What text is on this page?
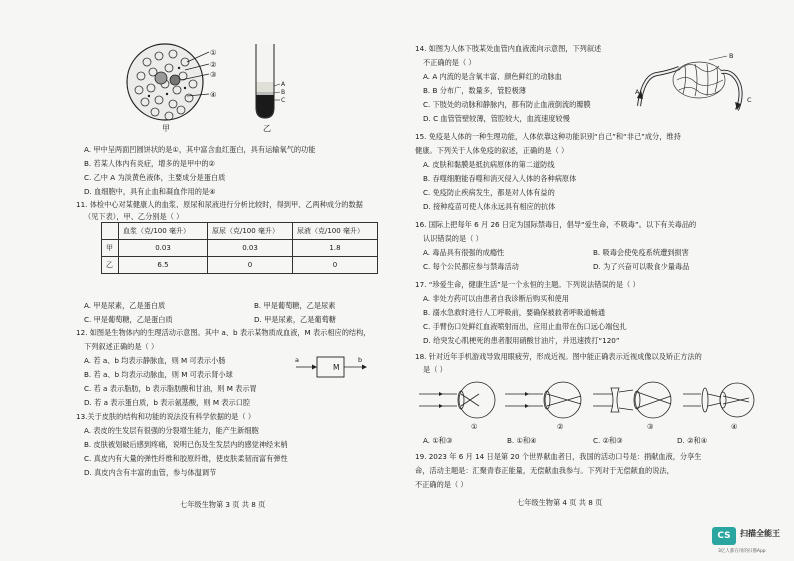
①
②
③
④
甲
A
B
C
乙
A. 甲中呈两面凹圆饼状的是①，其中富含血红蛋白，具有运输氧气的功能
B. 若某人体内有炎症，增多的是甲中的②
C. 乙中 A 为淡黄色液体，主要成分是蛋白质
D. 血细胞中，具有止血和凝血作用的是④
11. 体检中心对某健康人的血浆、原尿和尿液进行分析比较时，得到甲、乙两种成分的数据
（见下表），甲、乙分别是（ ）
	血浆（克/100 毫升）	原尿（克/100 毫升）	尿液（克/100 毫升）
甲	0.03	0.03	1.8
乙	6.5	0	0
A. 甲是尿素，乙是蛋白质	B. 甲是葡萄糖，乙是尿素
C. 甲是葡萄糖，乙是蛋白质	D. 甲是尿素，乙是葡萄糖
12. 如图是生物体内的生理活动示意图。其中 a、b 表示某物质成血液，M 表示相应的结构，
下列叙述正确的是（ ）
A. 若 a、b 均表示静脉血，则 M 可表示小肠
B. 若 a、b 均表示动脉血，则 M 可表示肾小球
C. 若 a 表示脂肪，b 表示脂肪酸和甘油，则 M 表示胃
D. 若 a 表示蛋白质，b 表示氨基酸，则 M 表示口腔
a
M
b
13.关于皮肤的结构和功能的说法没有科学依据的是（ ）
A. 表皮的生发层有很强的分裂增生能力，能产生新细胞
B. 皮肤被划破后感到疼痛，说明已伤及生发层内的感觉神经末梢
C. 真皮内有大量的弹性纤维和胶原纤维，使皮肤柔韧而富有弹性
D. 真皮内含有丰富的血管，参与体温调节
七年级生物第 3 页 共 8 页
14. 如图为人体下肢某处血管内血液流向示意图，下列叙述
不正确的是（ ）
A. A 内流的是含氧丰富、颜色鲜红的动脉血
B. B 分布广，数量多，管腔极薄
C. 下肢处的动脉和静脉内，都有防止血液倒流的瓣膜
D. C 血管管壁较薄，管腔较大，血流速度较慢
A
B
C
15. 免疫是人体的一种生理功能，人体依靠这种功能识别“自己”和“非己”成分，维持
健康。下列关于人体免疫的叙述，正确的是（ ）
A. 皮肤和黏膜是抵抗病原体的第二道防线
B. 吞噬细胞能吞噬和消灭侵入人体的各种病原体
C. 免疫防止疾病发生，都是对人体有益的
D. 接种疫苗可使人体永远具有相应的抗体
16. 国际上把每年 6 月 26 日定为国际禁毒日，倡导“爱生命，不吸毒”。以下有关毒品的
认识错误的是（ ）
A. 毒品具有很强的成瘾性	B. 吸毒会使免疫系统遭到损害
C. 每个公民都应参与禁毒活动	D. 为了兴奋可以吸食少量毒品
17. “珍爱生命，健康生活”是一个永恒的主题。下列说法错误的是（ ）
A. 非处方药可以由患者自我诊断后购买和使用
B. 溺水急救时进行人工呼吸前，要确保被救者呼吸道畅通
C. 手臂伤口处鲜红血液喷射而出，应用止血带在伤口远心端包扎
D. 给突发心肌梗死的患者服用硝酸甘油片，并迅速拨打“120”
18. 针对近年手机游戏导致用眼疲劳，形成近视。图中能正确表示近视成像以及矫正方法的
是（ ）
①	②	③	④
A. ①和③	B. ①和④	C. ②和③	D. ②和④
19. 2023 年 6 月 14 日是第 20 个世界献血者日，我国的活动口号是：捐献血液，分享生
命，活动主题是：汇聚青春正能量，无偿献血我参与。下列对于无偿献血的说法，
不正确的是（ ）
七年级生物第 4 页 共 8 页
CS	扫描全能王
3亿人都在用的扫描App
